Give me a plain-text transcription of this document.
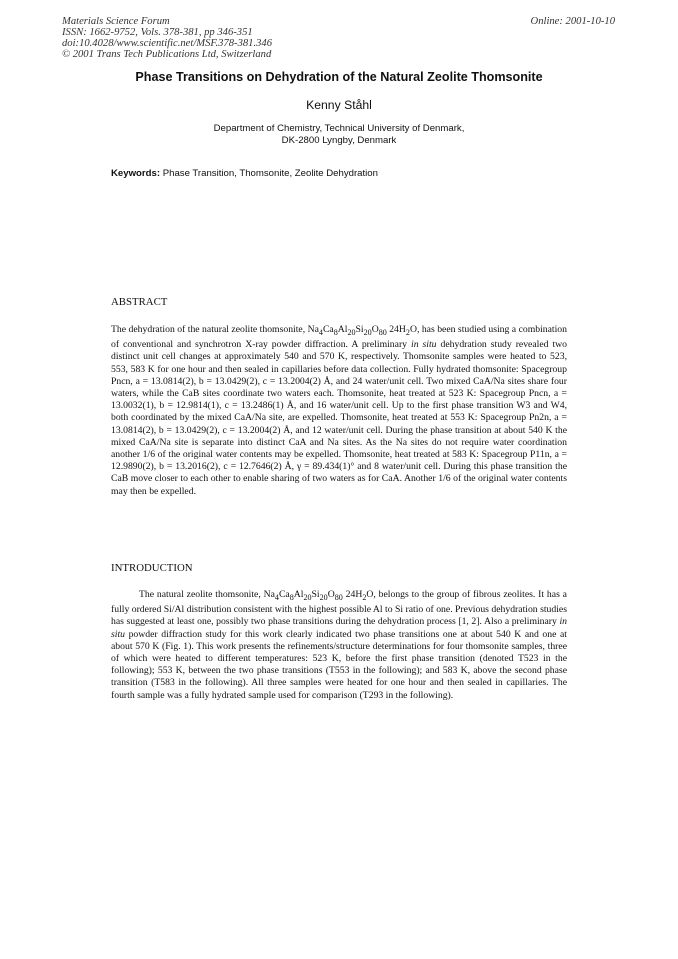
Materials Science Forum
ISSN: 1662-9752, Vols. 378-381, pp 346-351
doi:10.4028/www.scientific.net/MSF.378-381.346
© 2001 Trans Tech Publications Ltd, Switzerland
Online: 2001-10-10
Phase Transitions on Dehydration of the Natural Zeolite Thomsonite
Kenny Ståhl
Department of Chemistry, Technical University of Denmark,
DK-2800 Lyngby, Denmark
Keywords: Phase Transition, Thomsonite, Zeolite Dehydration
ABSTRACT
The dehydration of the natural zeolite thomsonite, $Na_4Ca_8Al_{20}Si_{20}O_{80}$ $24H_2O$, has been studied using a combination of conventional and synchrotron X-ray powder diffraction. A preliminary in situ dehydration study revealed two distinct unit cell changes at approximately 540 and 570 K, respectively. Thomsonite samples were heated to 523, 553, 583 K for one hour and then sealed in capillaries before data collection. Fully hydrated thomsonite: Spacegroup Pncn, a = 13.0814(2), b = 13.0429(2), c = 13.2004(2) Å, and 24 water/unit cell. Two mixed CaA/Na sites share four waters, while the CaB sites coordinate two waters each. Thomsonite, heat treated at 523 K: Spacegroup Pncn, a = 13.0032(1), b = 12.9814(1), c = 13.2486(1) Å, and 16 water/unit cell. Up to the first phase transition W3 and W4, both coordinated by the mixed CaA/Na site, are expelled. Thomsonite, heat treated at 553 K: Spacegroup Pn2n, a = 13.0814(2), b = 13.0429(2), c = 13.2004(2) Å, and 12 water/unit cell. During the phase transition at about 540 K the mixed CaA/Na site is separate into distinct CaA and Na sites. As the Na sites do not require water coordination another 1/6 of the original water contents may be expelled. Thomsonite, heat treated at 583 K: Spacegroup P11n, a = 12.9890(2), b = 13.2016(2), c = 12.7646(2) Å, γ = 89.434(1)° and 8 water/unit cell. During this phase transition the CaB move closer to each other to enable sharing of two waters as for CaA. Another 1/6 of the original water contents may then be expelled.
INTRODUCTION
The natural zeolite thomsonite, $Na_4Ca_8Al_{20}Si_{20}O_{80}$ $24H_2O$, belongs to the group of fibrous zeolites. It has a fully ordered Si/Al distribution consistent with the highest possible Al to Si ratio of one. Previous dehydration studies has suggested at least one, possibly two phase transitions during the dehydration process [1, 2]. Also a preliminary in situ powder diffraction study for this work clearly indicated two phase transitions one at about 540 K and one at about 570 K (Fig. 1). This work presents the refinements/structure determinations for four thomsonite samples, three of which were heated to different temperatures: 523 K, before the first phase transition (denoted T523 in the following); 553 K, between the two phase transitions (T553 in the following); and 583 K, above the second phase transition (T583 in the following). All three samples were heated for one hour and then sealed in capillaries. The fourth sample was a fully hydrated sample used for comparison (T293 in the following).
